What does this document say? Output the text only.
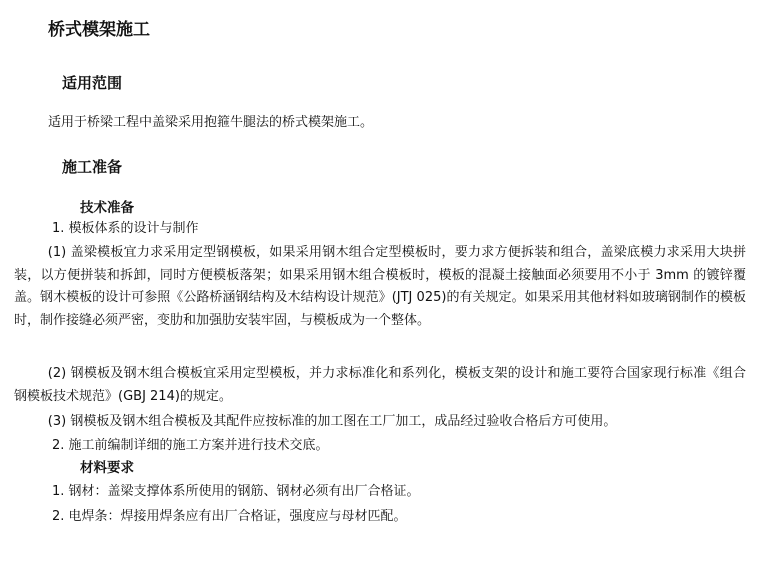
桥式模架施工
适用范围
适用于桥梁工程中盖梁采用抱箍牛腿法的桥式模架施工。
施工准备
技术准备
1. 模板体系的设计与制作
(1) 盖梁模板宜力求采用定型钢模板，如果采用钢木组合定型模板时，要力求方便拆装和组合，盖梁底模力求采用大块拼装，以方便拼装和拆卸，同时方便模板落架；如果采用钢木组合模板时，模板的混凝土接触面必须要用不小于 3mm 的镀锌覆盖。钢木模板的设计可参照《公路桥涵钢结构及木结构设计规范》(JTJ 025)的有关规定。如果采用其他材料如玻璃钢制作的模板时，制作接缝必须严密，变肋和加强肋安装牢固，与模板成为一个整体。
(2) 钢模板及钢木组合模板宜采用定型模板，并力求标准化和系列化，模板支架的设计和施工要符合国家现行标准《组合钢模板技术规范》(GBJ 214)的规定。
(3) 钢模板及钢木组合模板及其配件应按标准的加工图在工厂加工，成品经过验收合格后方可使用。
2. 施工前编制详细的施工方案并进行技术交底。
材料要求
1. 钢材：盖梁支撑体系所使用的钢筋、钢材必须有出厂合格证。
2. 电焊条：焊接用焊条应有出厂合格证，强度应与母材匹配。
